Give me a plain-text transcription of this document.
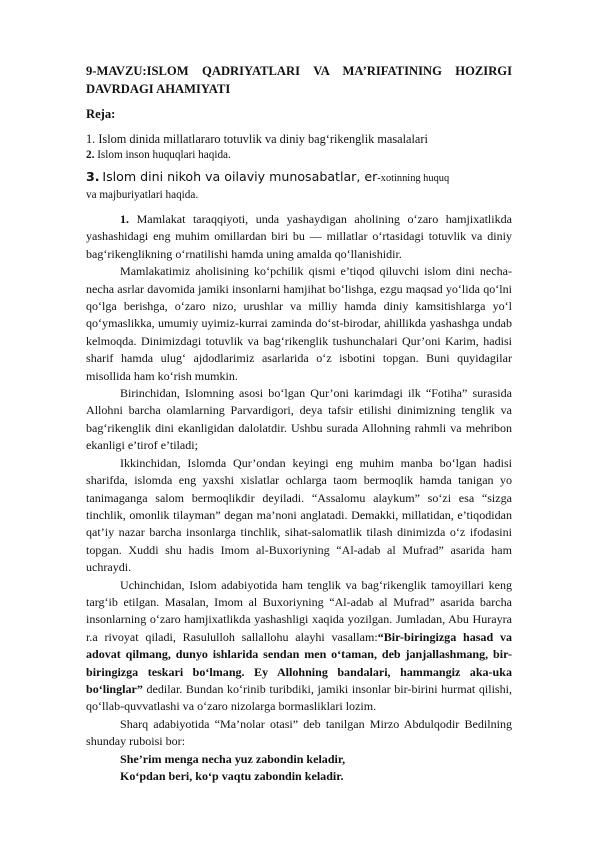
9-MAVZU:ISLOM QADRIYATLARI VA MA’RIFATINING HOZIRGI DAVRDAGI AHAMIYATI
Reja:

1. Islom dinida millatlararo totuvlik va diniy bag‘rikenglik masalalari

2. Islom inson huquqlari haqida.

3. Islom dini nikoh va oilaviy munosabatlar, er-xotinning huquq
va majburiyatlari haqida.

1. Mamlakat taraqqiyoti, unda yashaydigan aholining o‘zaro hamjixatlikda yashashidagi eng muhim omillardan biri bu — millatlar o‘rtasidagi totuvlik va diniy bag‘rikenglikning o‘rnatilishi hamda uning amalda qo‘llanishidir.

Mamlakatimiz aholisining ko‘pchilik qismi e’tiqod qiluvchi islom dini necha-necha asrlar davomida jamiki insonlarni hamjihat bo‘lishga, ezgu maqsad yo‘lida qo‘lni qo‘lga berishga, o‘zaro nizo, urushlar va milliy hamda diniy kamsitishlarga yo‘l qo‘ymaslikka, umumiy uyimiz-kurrai zaminda do‘st-birodar, ahillikda yashashga undab kelmoqda. Dinimizdagi totuvlik va bag‘rikenglik tushunchalari Qur’oni Karim, hadisi sharif hamda ulug‘ ajdodlarimiz asarlarida o‘z isbotini topgan. Buni quyidagilar misollida ham ko‘rish mumkin.

Birinchidan, Islomning asosi bo‘lgan Qur’oni karimdagi ilk “Fotiha” surasida Allohni barcha olamlarning Parvardigori, deya tafsir etilishi dinimizning tenglik va bag‘rikenglik dini ekanligidan dalolatdir. Ushbu surada Allohning rahmli va mehribon ekanligi e’tirof e’tiladi;

Ikkinchidan, Islomda Qur’ondan keyingi eng muhim manba bo‘lgan hadisi sharifda, islomda eng yaxshi xislatlar ochlarga taom bermoqlik hamda tanigan yo tanimaganga salom bermoqlikdir deyiladi. “Assalomu alaykum” so‘zi esa “sizga tinchlik, omonlik tilayman” degan ma’noni anglatadi. Demakki, millatidan, e’tiqodidan qat’iy nazar barcha insonlarga tinchlik, sihat-salomatlik tilash dinimizda o‘z ifodasini topgan. Xuddi shu hadis Imom al-Buxoriyning “Al-adab al Mufrad” asarida ham uchraydi.

Uchinchidan, Islom adabiyotida ham tenglik va bag‘rikenglik tamoyillari keng targ‘ib etilgan. Masalan, Imom al Buxoriyning “Al-adab al Mufrad” asarida barcha insonlarning o‘zaro hamjixatlikda yashashligi xaqida yozilgan. Jumladan, Abu Hurayra r.a rivoyat qiladi, Rasululloh sallallohu alayhi vasallam:“Bir-biringizga hasad va adovat qilmang, dunyo ishlarida sendan men o‘taman, deb janjallashmang, bir-biringizga teskari bo‘lmang. Ey Allohning bandalari, hammangiz aka-uka bo‘linglar” dedilar. Bundan ko‘rinib turibdiki, jamiki insonlar bir-birini hurmat qilishi, qo‘llab-quvvatlashi va o‘zaro nizolarga bormasliklari lozim.

Sharq adabiyotida “Ma’nolar otasi” deb tanilgan Mirzo Abdulqodir Bedilning shunday ruboisi bor:

She’rim menga necha yuz zabondin keladir,

Ko‘pdan beri, ko‘p vaqtu zabondin keladir.
